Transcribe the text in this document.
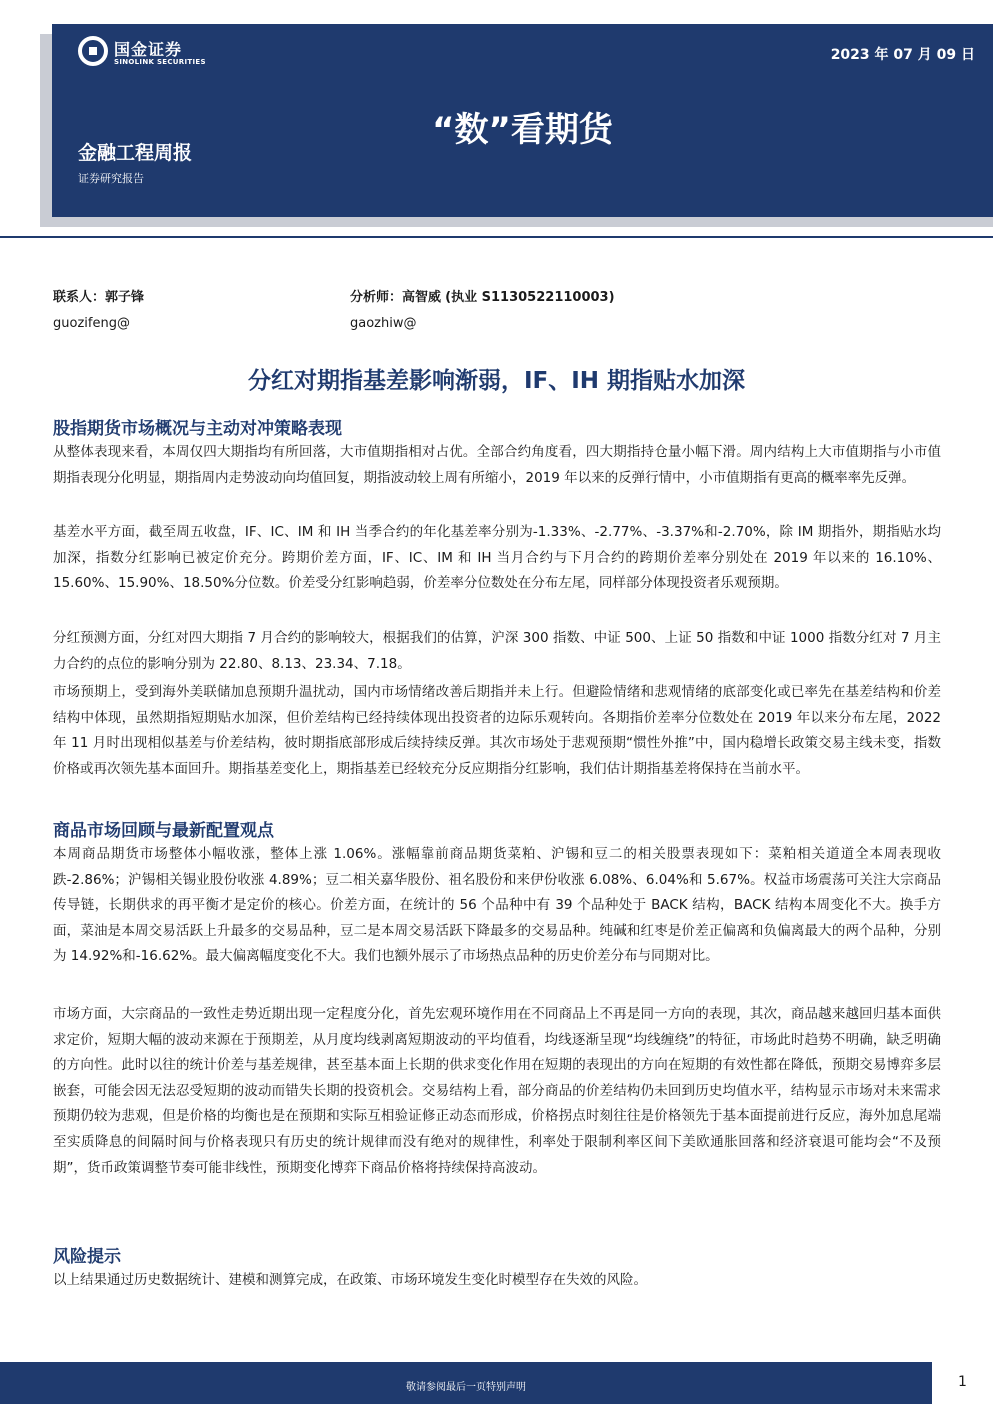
国金证券
SINOLINK SECURITIES	2023 年 07 月 09 日
“数”看期货
金融工程周报
证券研究报告
联系人：郭子锋
guozifeng@
分析师：高智威 (执业 S1130522110003)
gaozhiw@
分红对期指基差影响渐弱，IF、IH 期指贴水加深
股指期货市场概况与主动对冲策略表现

从整体表现来看，本周仅四大期指均有所回落，大市值期指相对占优。全部合约角度看，四大期指持仓量小幅下滑。周内结构上大市值期指与小市值期指表现分化明显，期指周内走势波动向均值回复，期指波动较上周有所缩小，2019 年以来的反弹行情中，小市值期指有更高的概率率先反弹。

基差水平方面，截至周五收盘，IF、IC、IM 和 IH 当季合约的年化基差率分别为-1.33%、-2.77%、-3.37%和-2.70%，除 IM 期指外，期指贴水均加深，指数分红影响已被定价充分。跨期价差方面，IF、IC、IM 和 IH 当月合约与下月合约的跨期价差率分别处在 2019 年以来的 16.10%、15.60%、15.90%、18.50%分位数。价差受分红影响趋弱，价差率分位数处在分布左尾，同样部分体现投资者乐观预期。

分红预测方面，分红对四大期指 7 月合约的影响较大，根据我们的估算，沪深 300 指数、中证 500、上证 50 指数和中证 1000 指数分红对 7 月主力合约的点位的影响分别为 22.80、8.13、23.34、7.18。

市场预期上，受到海外美联储加息预期升温扰动，国内市场情绪改善后期指并未上行。但避险情绪和悲观情绪的底部变化或已率先在基差结构和价差结构中体现，虽然期指短期贴水加深，但价差结构已经持续体现出投资者的边际乐观转向。各期指价差率分位数处在 2019 年以来分布左尾，2022 年 11 月时出现相似基差与价差结构，彼时期指底部形成后续持续反弹。其次市场处于悲观预期“惯性外推”中，国内稳增长政策交易主线未变，指数价格或再次领先基本面回升。期指基差变化上，期指基差已经较充分反应期指分红影响，我们估计期指基差将保持在当前水平。

商品市场回顾与最新配置观点

本周商品期货市场整体小幅收涨，整体上涨 1.06%。涨幅靠前商品期货菜粕、沪锡和豆二的相关股票表现如下：菜粕相关道道全本周表现收跌-2.86%；沪锡相关锡业股份收涨 4.89%；豆二相关嘉华股份、祖名股份和来伊份收涨 6.08%、6.04%和 5.67%。权益市场震荡可关注大宗商品传导链，长期供求的再平衡才是定价的核心。价差方面，在统计的 56 个品种中有 39 个品种处于 BACK 结构，BACK 结构本周变化不大。换手方面，菜油是本周交易活跃上升最多的交易品种，豆二是本周交易活跃下降最多的交易品种。纯碱和红枣是价差正偏离和负偏离最大的两个品种，分别为 14.92%和-16.62%。最大偏离幅度变化不大。我们也额外展示了市场热点品种的历史价差分布与同期对比。

市场方面，大宗商品的一致性走势近期出现一定程度分化，首先宏观环境作用在不同商品上不再是同一方向的表现，其次，商品越来越回归基本面供求定价，短期大幅的波动来源在于预期差，从月度均线剥离短期波动的平均值看，均线逐渐呈现“均线缠绕”的特征，市场此时趋势不明确，缺乏明确的方向性。此时以往的统计价差与基差规律，甚至基本面上长期的供求变化作用在短期的表现出的方向在短期的有效性都在降低，预期交易博弈多层嵌套，可能会因无法忍受短期的波动而错失长期的投资机会。交易结构上看，部分商品的价差结构仍未回到历史均值水平，结构显示市场对未来需求预期仍较为悲观，但是价格的均衡也是在预期和实际互相验证修正动态而形成，价格拐点时刻往往是价格领先于基本面提前进行反应，海外加息尾端至实质降息的间隔时间与价格表现只有历史的统计规律而没有绝对的规律性，利率处于限制利率区间下美欧通胀回落和经济衰退可能均会“不及预期”，货币政策调整节奏可能非线性，预期变化博弈下商品价格将持续保持高波动。

风险提示

以上结果通过历史数据统计、建模和测算完成，在政策、市场环境发生变化时模型存在失效的风险。

敬请参阅最后一页特别声明	1
